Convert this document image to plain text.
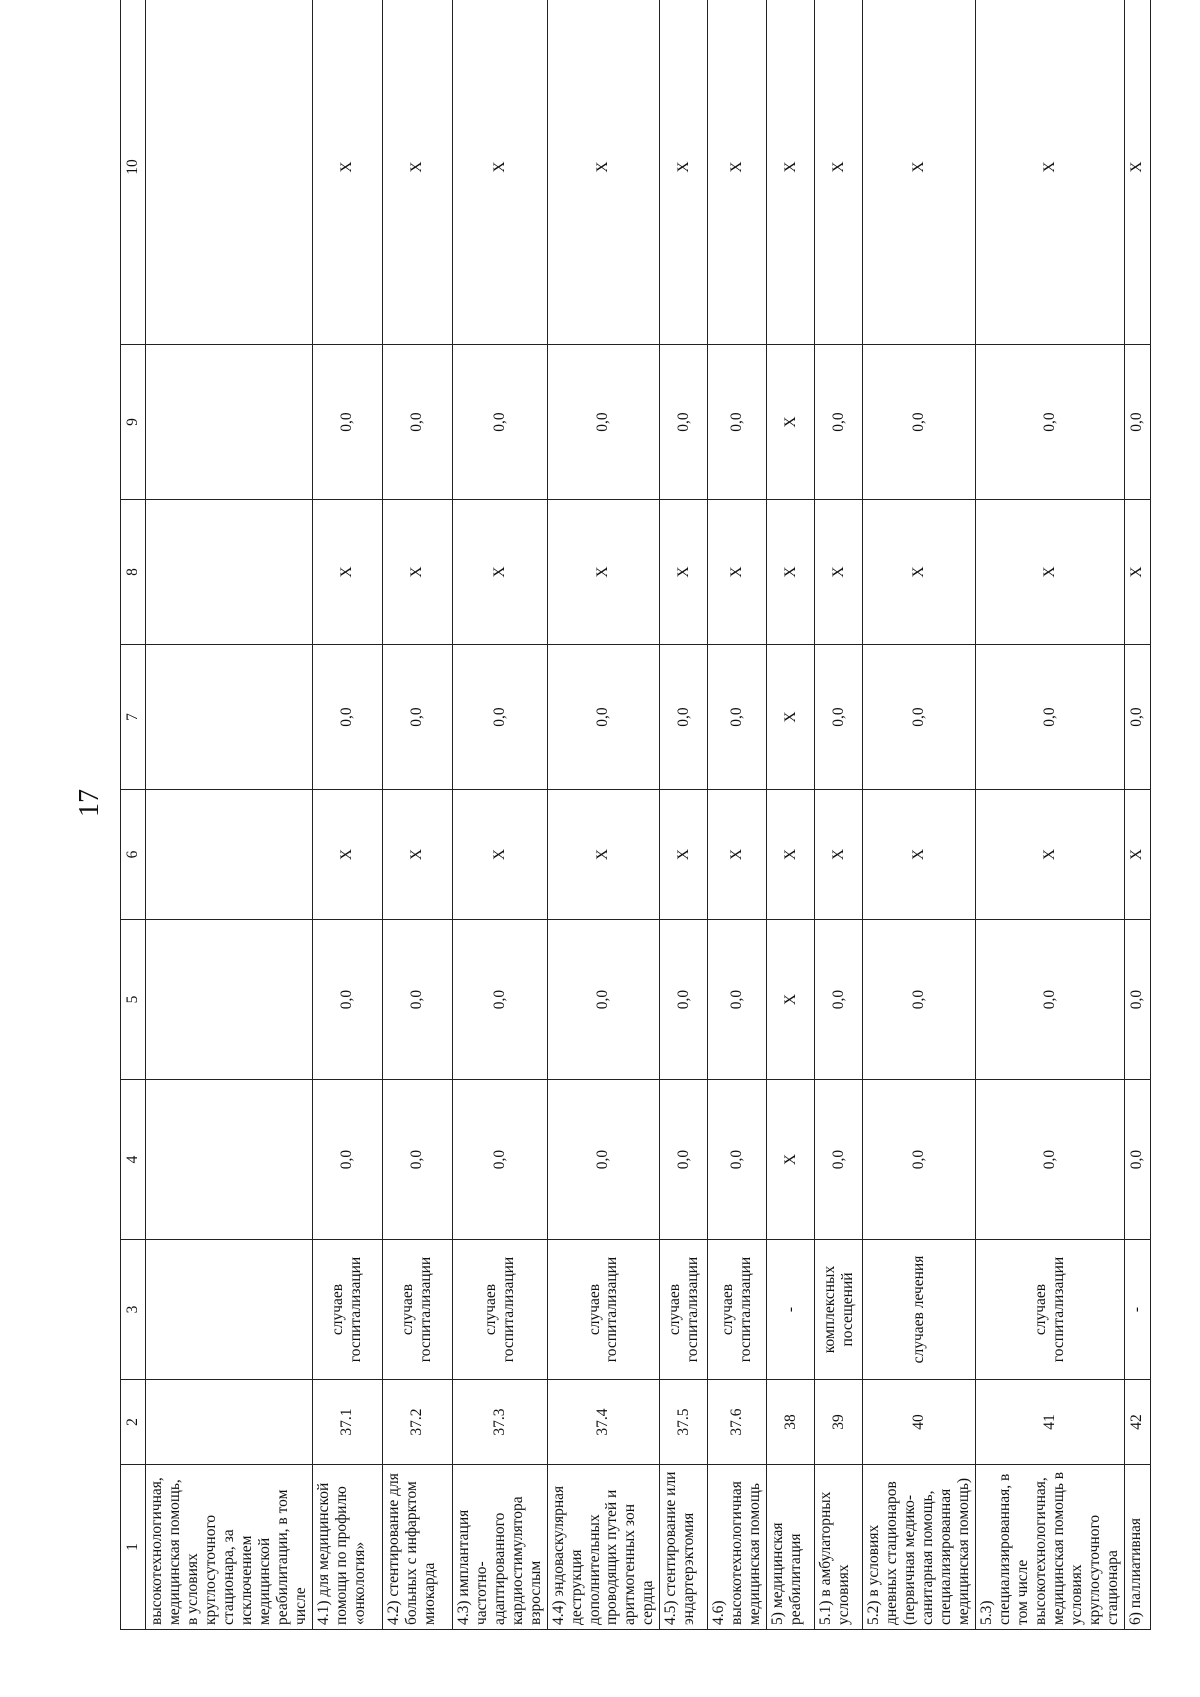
17
1	2	3	4	5	6	7	8	9	10
высокотехнологичная, медицинская помощь, в условиях круглосуточного стационара, за исключением медицинской реабилитации, в том числе									
4.1) для медицинской помощи по профилю «онкология»	37.1	случаев госпитализации	0,0	0,0	X	0,0	X	0,0	X
4.2) стентирование для больных с инфарктом миокарда	37.2	случаев госпитализации	0,0	0,0	X	0,0	X	0,0	X
4.3) имплантация частотно-адаптированного кардиостимулятора взрослым	37.3	случаев госпитализации	0,0	0,0	X	0,0	X	0,0	X
4.4) эндоваскулярная деструкция дополнительных проводящих путей и аритмогенных зон сердца	37.4	случаев госпитализации	0,0	0,0	X	0,0	X	0,0	X
4.5) стентирование или эндартерэктомия	37.5	случаев госпитализации	0,0	0,0	X	0,0	X	0,0	X
4.6) высокотехнологичная медицинская помощь	37.6	случаев госпитализации	0,0	0,0	X	0,0	X	0,0	X
5) медицинская реабилитация	38	-	X	X	X	X	X	X	X
5.1) в амбулаторных условиях	39	комплексных посещений	0,0	0,0	X	0,0	X	0,0	X
5.2) в условиях дневных стационаров (первичная медико-санитарная помощь, специализированная медицинская помощь)	40	случаев лечения	0,0	0,0	X	0,0	X	0,0	X
5.3) специализированная, в том числе высокотехнологичная, медицинская помощь в условиях круглосуточного стационара	41	случаев госпитализации	0,0	0,0	X	0,0	X	0,0	X
6) паллиативная	42	-	0,0	0,0	X	0,0	X	0,0	X
